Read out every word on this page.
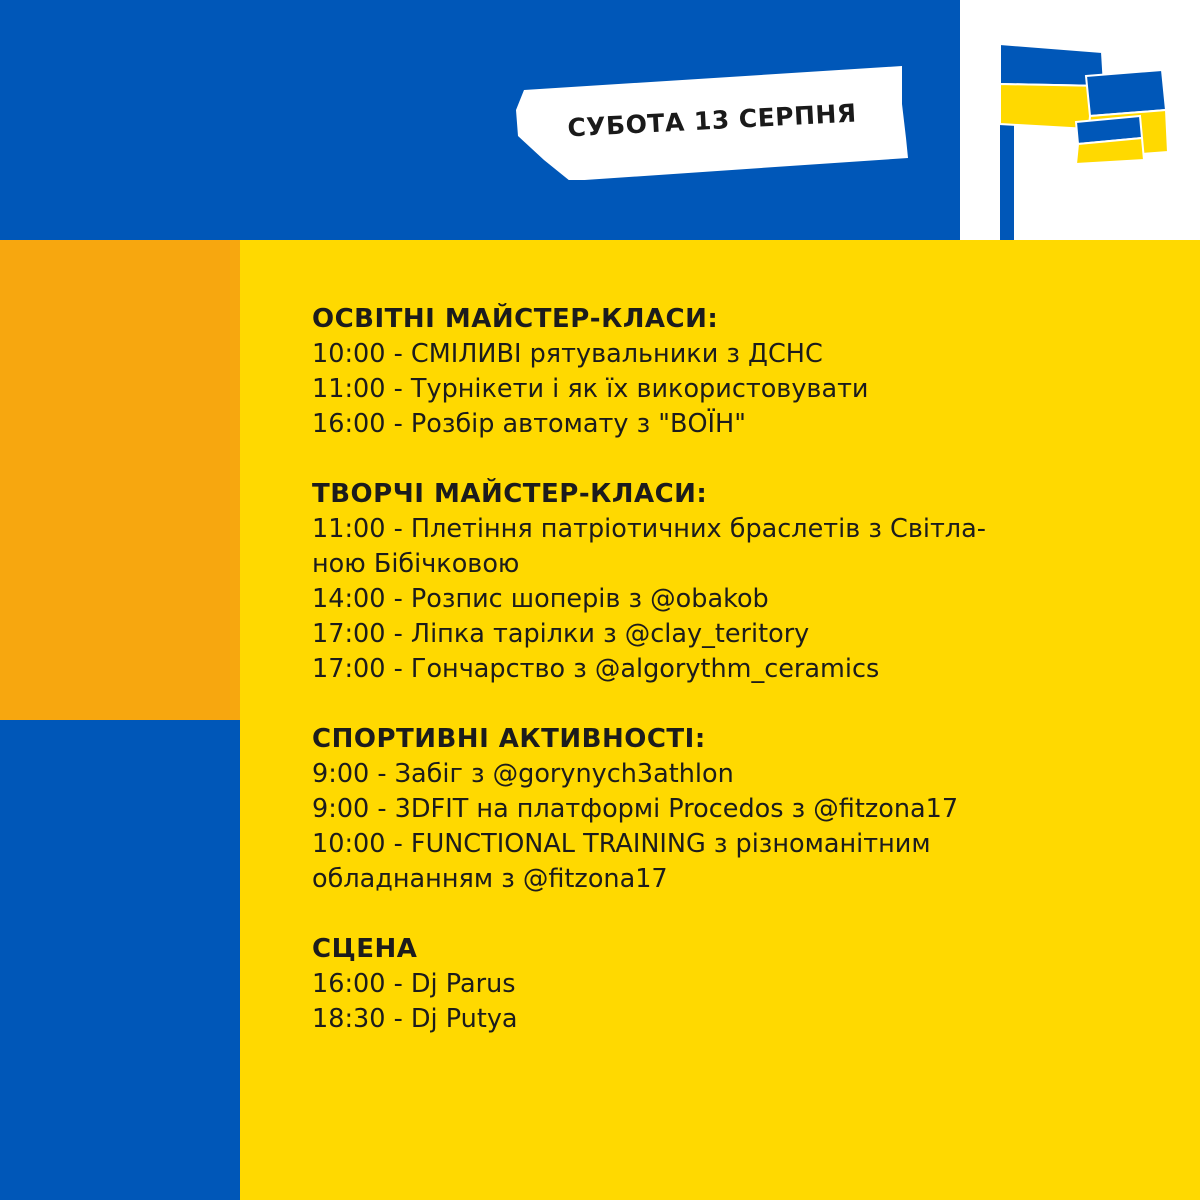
СУБОТА 13 СЕРПНЯ
ОСВІТНІ МАЙСТЕР-КЛАСИ:
10:00 - СМІЛИВІ рятувальники з ДСНС
11:00 - Турнікети і як їх використовувати
16:00 - Розбір автомату з "ВОЇН"
ТВОРЧІ МАЙСТЕР-КЛАСИ:
11:00 - Плетіння патріотичних браслетів з Світла-
ною Бібічковою
14:00 - Розпис шоперів з @obakob
17:00 - Ліпка тарілки з @clay_teritory
17:00 - Гончарство з @algorythm_ceramics
СПОРТИВНІ АКТИВНОСТІ:
9:00 - Забіг з @gorynych3athlon
9:00 - 3DFIT на платформі Procedos з @fitzona17
10:00 - FUNCTIONAL TRAINING з різноманітним
обладнанням з @fitzona17
СЦЕНА
16:00 - Dj Parus
18:30 - Dj Putya
